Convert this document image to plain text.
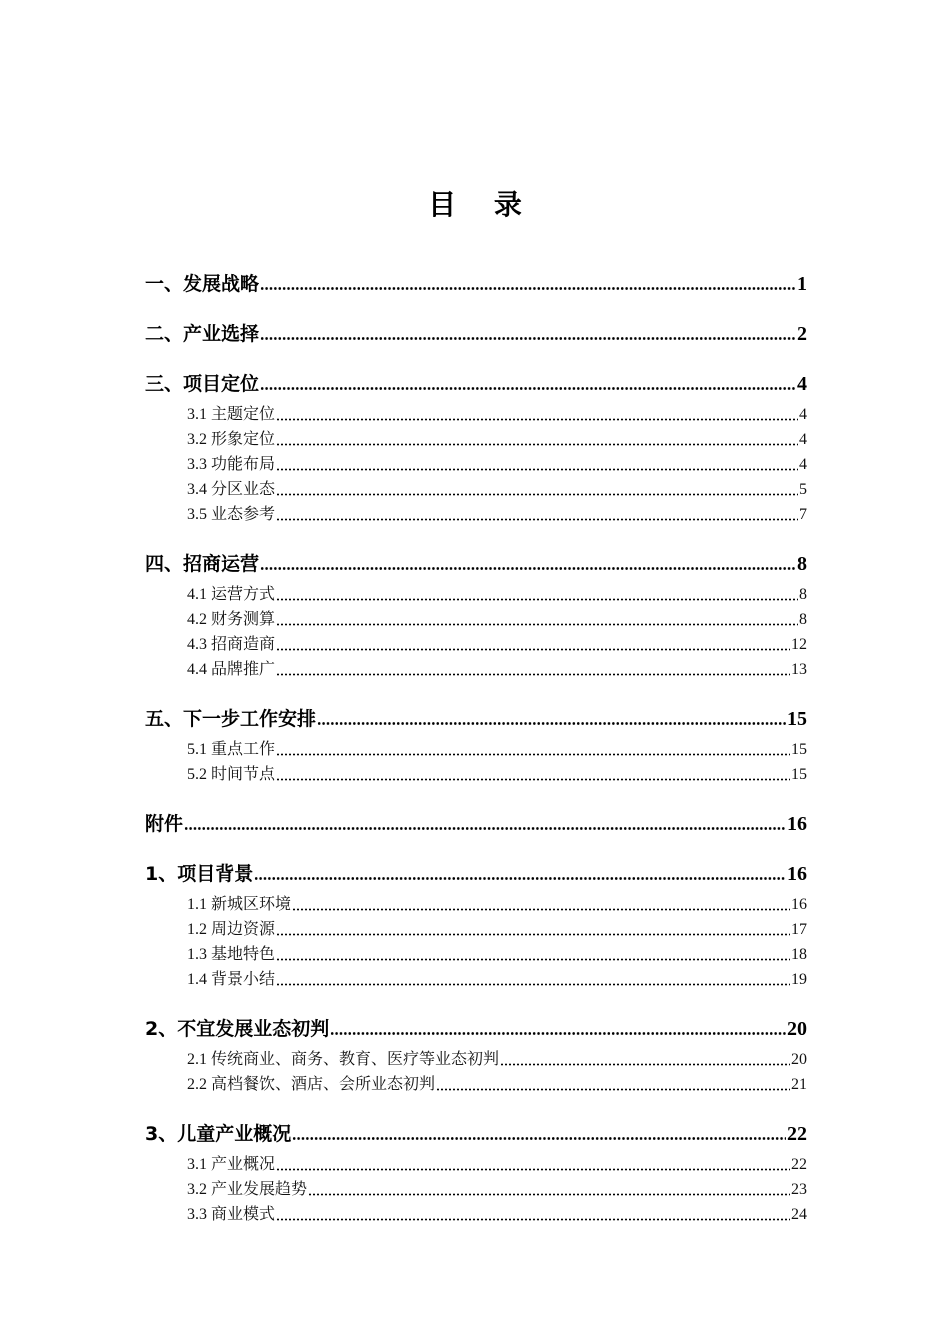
目 录
一、发展战略	1
二、产业选择	2
三、项目定位	4
3.1 主题定位	4
3.2 形象定位	4
3.3 功能布局	4
3.4 分区业态	5
3.5 业态参考	7
四、招商运营	8
4.1 运营方式	8
4.2 财务测算	8
4.3 招商造商	12
4.4 品牌推广	13
五、下一步工作安排	15
5.1 重点工作	15
5.2 时间节点	15
附件	16
1、项目背景	16
1.1 新城区环境	16
1.2 周边资源	17
1.3 基地特色	18
1.4 背景小结	19
2、不宜发展业态初判	20
2.1 传统商业、商务、教育、医疗等业态初判	20
2.2 高档餐饮、酒店、会所业态初判	21
3、儿童产业概况	22
3.1 产业概况	22
3.2 产业发展趋势	23
3.3 商业模式	24
